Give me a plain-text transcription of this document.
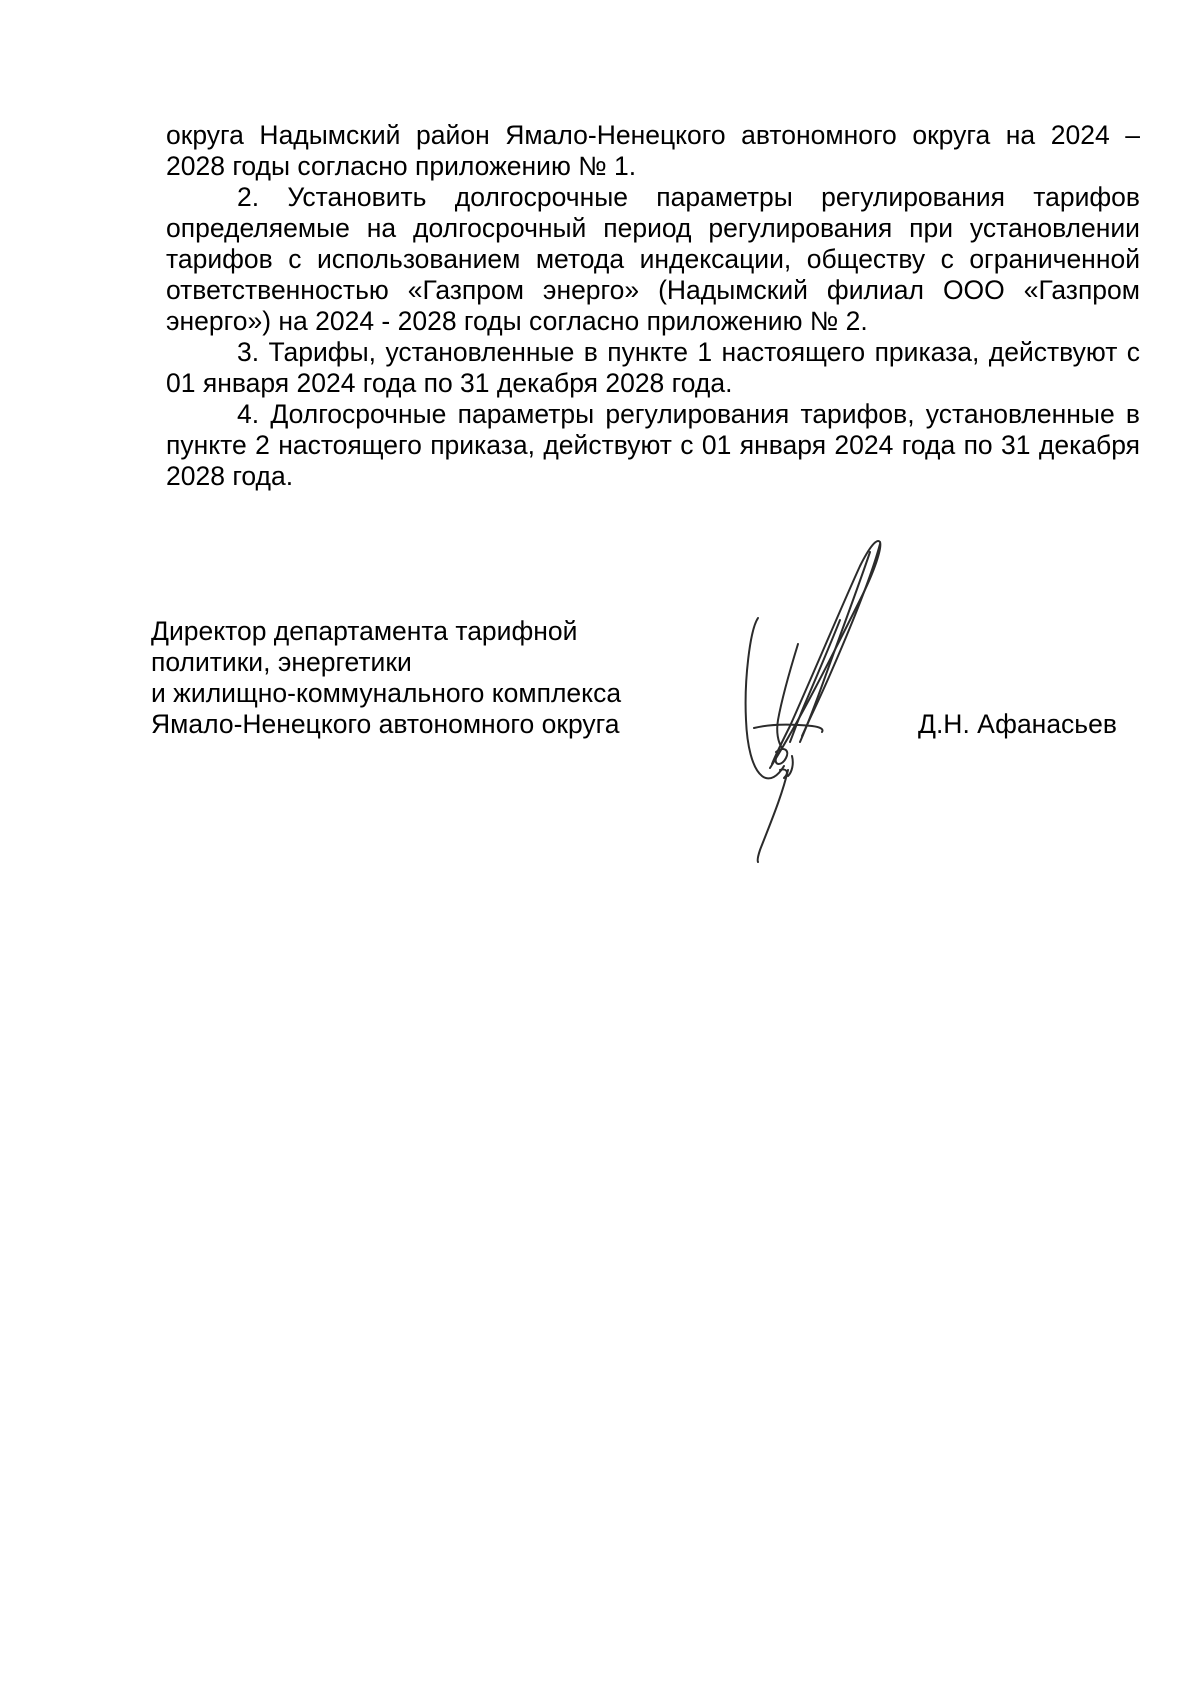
округа Надымский район Ямало-Ненецкого автономного округа на 2024 – 2028 годы согласно приложению № 1.

2. Установить долгосрочные параметры регулирования тарифов определяемые на долгосрочный период регулирования при установлении тарифов с использованием метода индексации, обществу с ограниченной ответственностью «Газпром энерго» (Надымский филиал ООО «Газпром энерго») на 2024 - 2028 годы согласно приложению № 2.

3. Тарифы, установленные в пункте 1 настоящего приказа, действуют с 01 января 2024 года по 31 декабря 2028 года.

4. Долгосрочные параметры регулирования тарифов, установленные в пункте 2 настоящего приказа, действуют с 01 января 2024 года по 31 декабря 2028 года.

Директор департамента тарифной
политики, энергетики
и жилищно-коммунального комплекса
Ямало-Ненецкого автономного округа	Д.Н. Афанасьев
